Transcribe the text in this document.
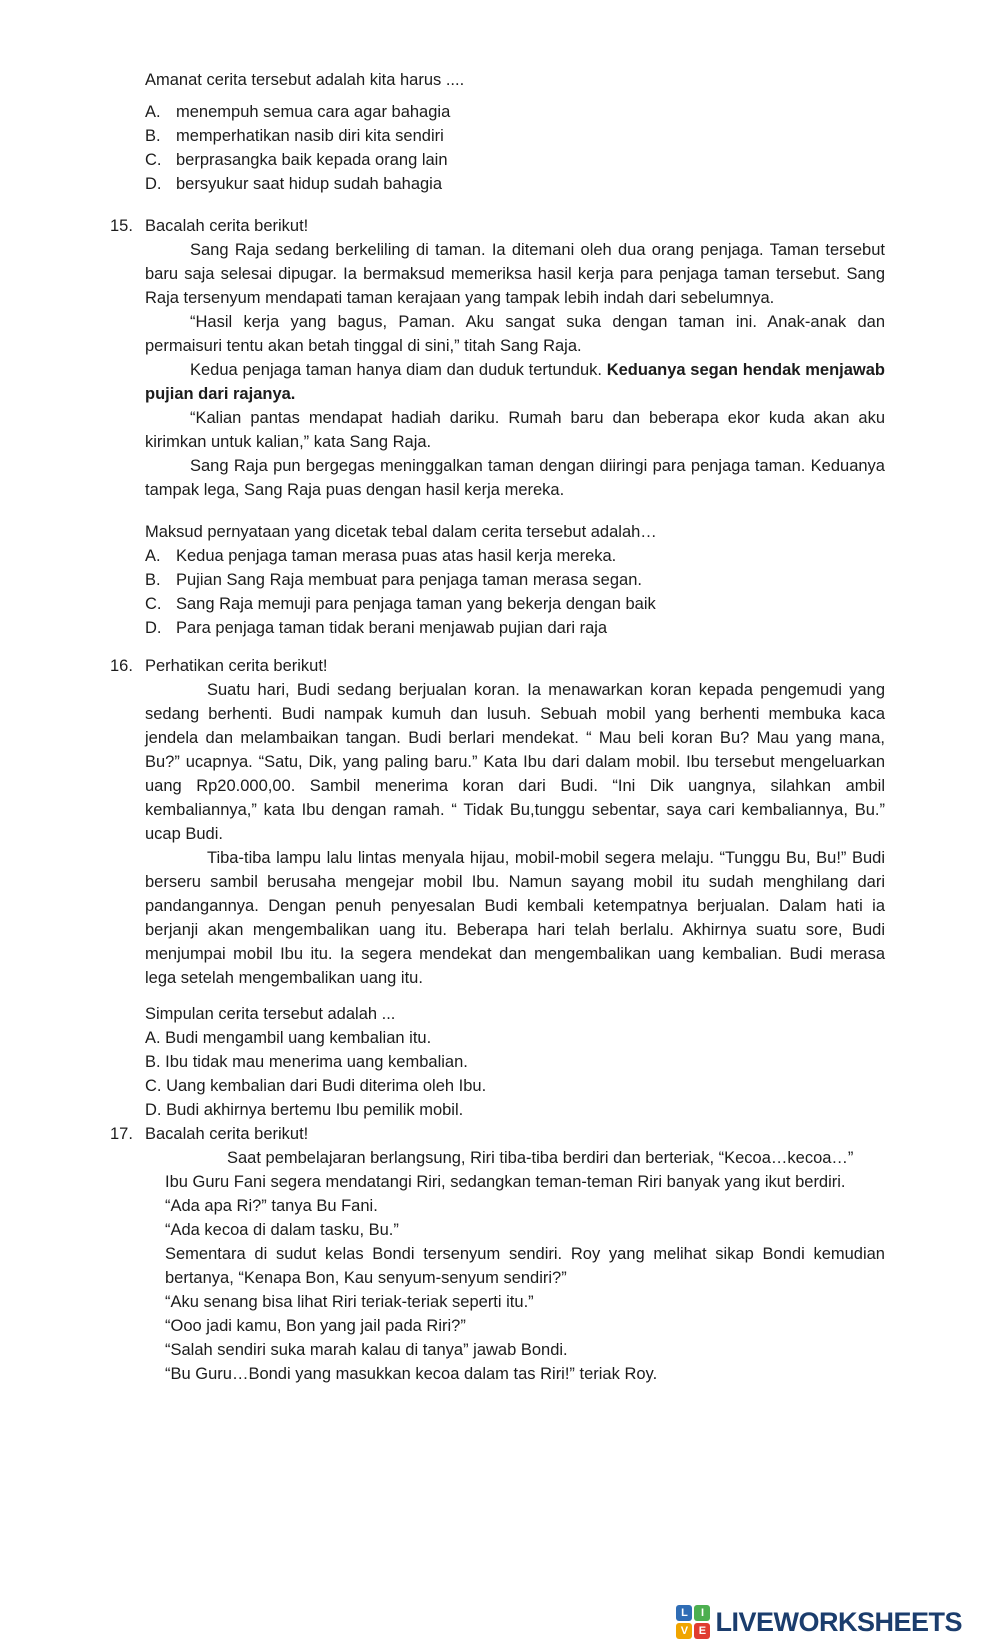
Amanat cerita tersebut adalah kita harus ....

A. menempuh semua cara agar bahagia
B. memperhatikan nasib diri kita sendiri
C. berprasangka baik kepada orang lain
D. bersyukur saat hidup sudah bahagia
15. Bacalah cerita berikut!

Sang Raja sedang berkeliling di taman. Ia ditemani oleh dua orang penjaga. Taman tersebut baru saja selesai dipugar. Ia bermaksud memeriksa hasil kerja para penjaga taman tersebut. Sang Raja tersenyum mendapati taman kerajaan yang tampak lebih indah dari sebelumnya.

“Hasil kerja yang bagus, Paman. Aku sangat suka dengan taman ini. Anak-anak dan permaisuri tentu akan betah tinggal di sini,” titah Sang Raja.

Kedua penjaga taman hanya diam dan duduk tertunduk. Keduanya segan hendak menjawab pujian dari rajanya.

“Kalian pantas mendapat hadiah dariku. Rumah baru dan beberapa ekor kuda akan aku kirimkan untuk kalian,” kata Sang Raja.

Sang Raja pun bergegas meninggalkan taman dengan diiringi para penjaga taman. Keduanya tampak lega, Sang Raja puas dengan hasil kerja mereka.

Maksud pernyataan yang dicetak tebal dalam cerita tersebut adalah…

A. Kedua penjaga taman merasa puas atas hasil kerja mereka.
B. Pujian Sang Raja membuat para penjaga taman merasa segan.
C. Sang Raja memuji para penjaga taman yang bekerja dengan baik
D. Para penjaga taman tidak berani menjawab pujian dari raja
16. Perhatikan cerita berikut!

Suatu hari, Budi sedang berjualan koran. Ia menawarkan koran kepada pengemudi yang sedang berhenti. Budi nampak kumuh dan lusuh. Sebuah mobil yang berhenti membuka kaca jendela dan melambaikan tangan. Budi berlari mendekat. “ Mau beli koran Bu? Mau yang mana, Bu?” ucapnya. “Satu, Dik, yang paling baru.” Kata Ibu dari dalam mobil. Ibu tersebut mengeluarkan uang Rp20.000,00. Sambil menerima koran dari Budi. “Ini Dik uangnya, silahkan ambil kembaliannya,” kata Ibu dengan ramah. “ Tidak Bu,tunggu sebentar, saya cari kembaliannya, Bu.” ucap Budi.

Tiba-tiba lampu lalu lintas menyala hijau, mobil-mobil segera melaju. “Tunggu Bu, Bu!” Budi berseru sambil berusaha mengejar mobil Ibu. Namun sayang mobil itu sudah menghilang dari pandangannya. Dengan penuh penyesalan Budi kembali ketempatnya berjualan. Dalam hati ia berjanji akan mengembalikan uang itu. Beberapa hari telah berlalu. Akhirnya suatu sore, Budi menjumpai mobil Ibu itu. Ia segera mendekat dan mengembalikan uang kembalian. Budi merasa lega setelah mengembalikan uang itu.

Simpulan cerita tersebut adalah ...

A. Budi mengambil uang kembalian itu.

B. Ibu tidak mau menerima uang kembalian.

C. Uang kembalian dari Budi diterima oleh Ibu.

D. Budi akhirnya bertemu Ibu pemilik mobil.

17. Bacalah cerita berikut!

Saat pembelajaran berlangsung, Riri tiba-tiba berdiri dan berteriak, “Kecoa…kecoa…”

Ibu Guru Fani segera mendatangi Riri, sedangkan teman-teman Riri banyak yang ikut berdiri.

“Ada apa Ri?” tanya Bu Fani.

“Ada kecoa di dalam tasku, Bu.”

Sementara di sudut kelas Bondi tersenyum sendiri. Roy yang melihat sikap Bondi kemudian bertanya, “Kenapa Bon, Kau senyum-senyum sendiri?”

“Aku senang bisa lihat Riri teriak-teriak seperti itu.”

“Ooo jadi kamu, Bon yang jail pada Riri?”

“Salah sendiri suka marah kalau di tanya” jawab Bondi.

“Bu Guru…Bondi yang masukkan kecoa dalam tas Riri!” teriak Roy.

L	I
V E LIVEWORKSHEETS
